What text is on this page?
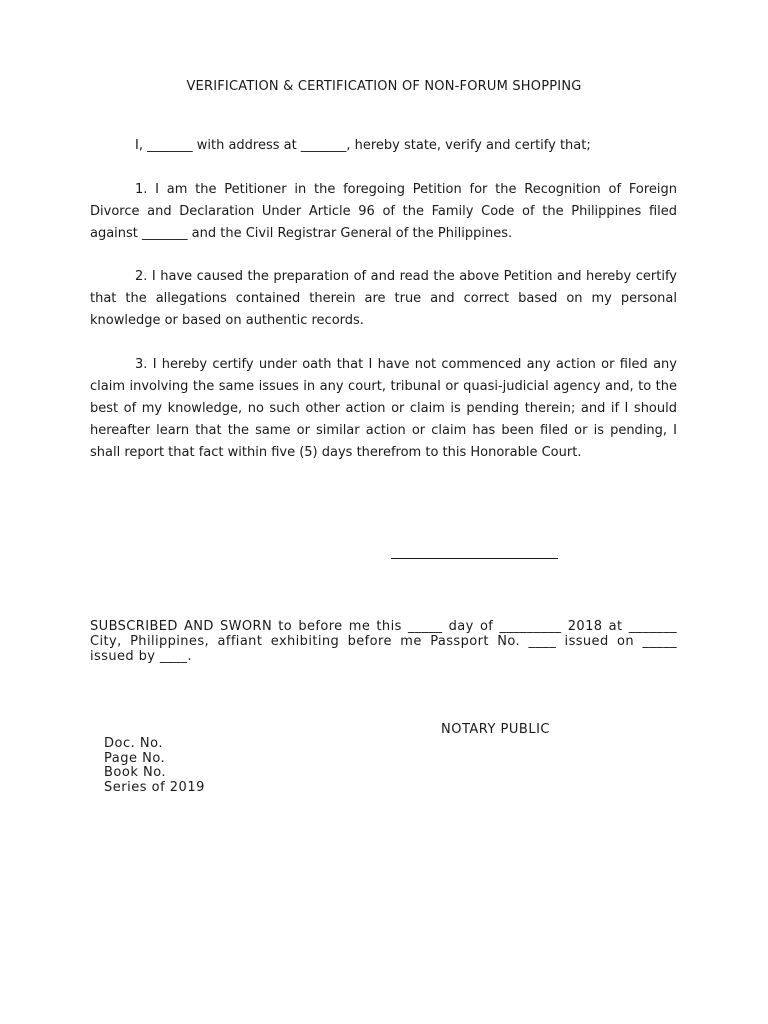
VERIFICATION & CERTIFICATION OF NON-FORUM SHOPPING
I, _______ with address at _______, hereby state, verify and certify that;

1. I am the Petitioner in the foregoing Petition for the Recognition of Foreign Divorce and Declaration Under Article 96 of the Family Code of the Philippines filed against _______ and the Civil Registrar General of the Philippines.

2. I have caused the preparation of and read the above Petition and hereby certify that the allegations contained therein are true and correct based on my personal knowledge or based on authentic records.

3. I hereby certify under oath that I have not commenced any action or filed any claim involving the same issues in any court, tribunal or quasi-judicial agency and, to the best of my knowledge, no such other action or claim is pending therein; and if I should hereafter learn that the same or similar action or claim has been filed or is pending, I shall report that fact within five (5) days therefrom to this Honorable Court.

SUBSCRIBED AND SWORN to before me this _____ day of _________ 2018 at _______ City, Philippines, affiant exhibiting before me Passport No. ____ issued on _____ issued by ____.
NOTARY PUBLIC
Doc. No.
Page No.
Book No.
Series of 2019
